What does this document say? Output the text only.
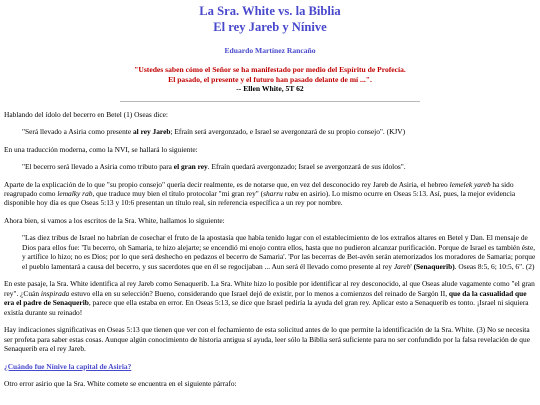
La Sra. White vs. la Biblia
El rey Jareb y Nínive
Eduardo Martínez Rancaño
"Ustedes saben cómo el Señor se ha manifestado por medio del Espíritu de Profecía.
El pasado, el presente y el futuro han pasado delante de mí ...".
-- Ellen White, 5T 62

Hablando del ídolo del becerro en Betel (1) Oseas dice:

"Será llevado a Asiria como presente al rey Jareb; Efraín será avergonzado, e Israel se avergonzará de su propio consejo". (KJV)

En una traducción moderna, como la NVI, se hallará lo siguiente:

"El becerro será llevado a Asiria como tributo para el gran rey. Efraín quedará avergonzado; Israel se avergonzará de sus ídolos".

Aparte de la explicación de lo que "su propio consejo" quería decir realmente, es de notarse que, en vez del desconocido rey Jareb de Asiria, el hebreo lemelek yareb ha sido reagrupado como lemalky rab, que traduce muy bien el título protocolar "mi gran rey" (sharru rabu en asirio). Lo mismo ocurre en Oseas 5:13. Así, pues, la mejor evidencia disponible hoy día es que Oseas 5:13 y 10:6 presentan un título real, sin referencia específica a un rey por nombre.

Ahora bien, si vamos a los escritos de la Sra. White, hallamos lo siguiente:

"Las diez tribus de Israel no habrían de cosechar el fruto de la apostasía que había tenido lugar con el establecimiento de los extraños altares en Betel y Dan. El mensaje de Dios para ellos fue: 'Tu becerro, oh Samaria, te hizo alejarte; se encendió mi enojo contra ellos, hasta que no pudieron alcanzar purificación. Porque de Israel es también éste, y artífice lo hizo; no es Dios; por lo que será deshecho en pedazos el becerro de Samaria'. 'Por las becerras de Bet-avén serán atemorizados los moradores de Samaria; porque el pueblo lamentará a causa del becerro, y sus sacerdotes que en él se regocijaban ... Aun será él llevado como presente al rey Jareb' (Senaquerib). Oseas 8:5, 6; 10:5, 6". (2)

En este pasaje, la Sra. White identifica al rey Jareb como Senaquerib. La Sra. White hizo lo posible por identificar al rey desconocido, al que Oseas alude vagamente como "el gran rey". ¿Cuán inspirada estuvo ella en su selección? Bueno, considerando que Israel dejó de existir, por lo menos a comienzos del reinado de Sargón II, que da la casualidad que era el padre de Senaquerib, parece que ella estaba en error. En Oseas 5:13, se dice que Israel pediría la ayuda del gran rey. Aplicar esto a Senaquerib es tonto. ¡Israel ni siquiera existía durante su reinado!

Hay indicaciones significativas en Oseas 5:13 que tienen que ver con el fechamiento de esta solicitud antes de lo que permite la identificación de la Sra. White. (3) No se necesita ser profeta para saber estas cosas. Aunque algún conocimiento de historia antigua sí ayuda, leer sólo la Biblia será suficiente para no ser confundido por la falsa revelación de que Senaquerib era el rey Jareb.

¿Cuándo fue Nínive la capital de Asiria?

Otro error asirio que la Sra. White comete se encuentra en el siguiente párrafo:
